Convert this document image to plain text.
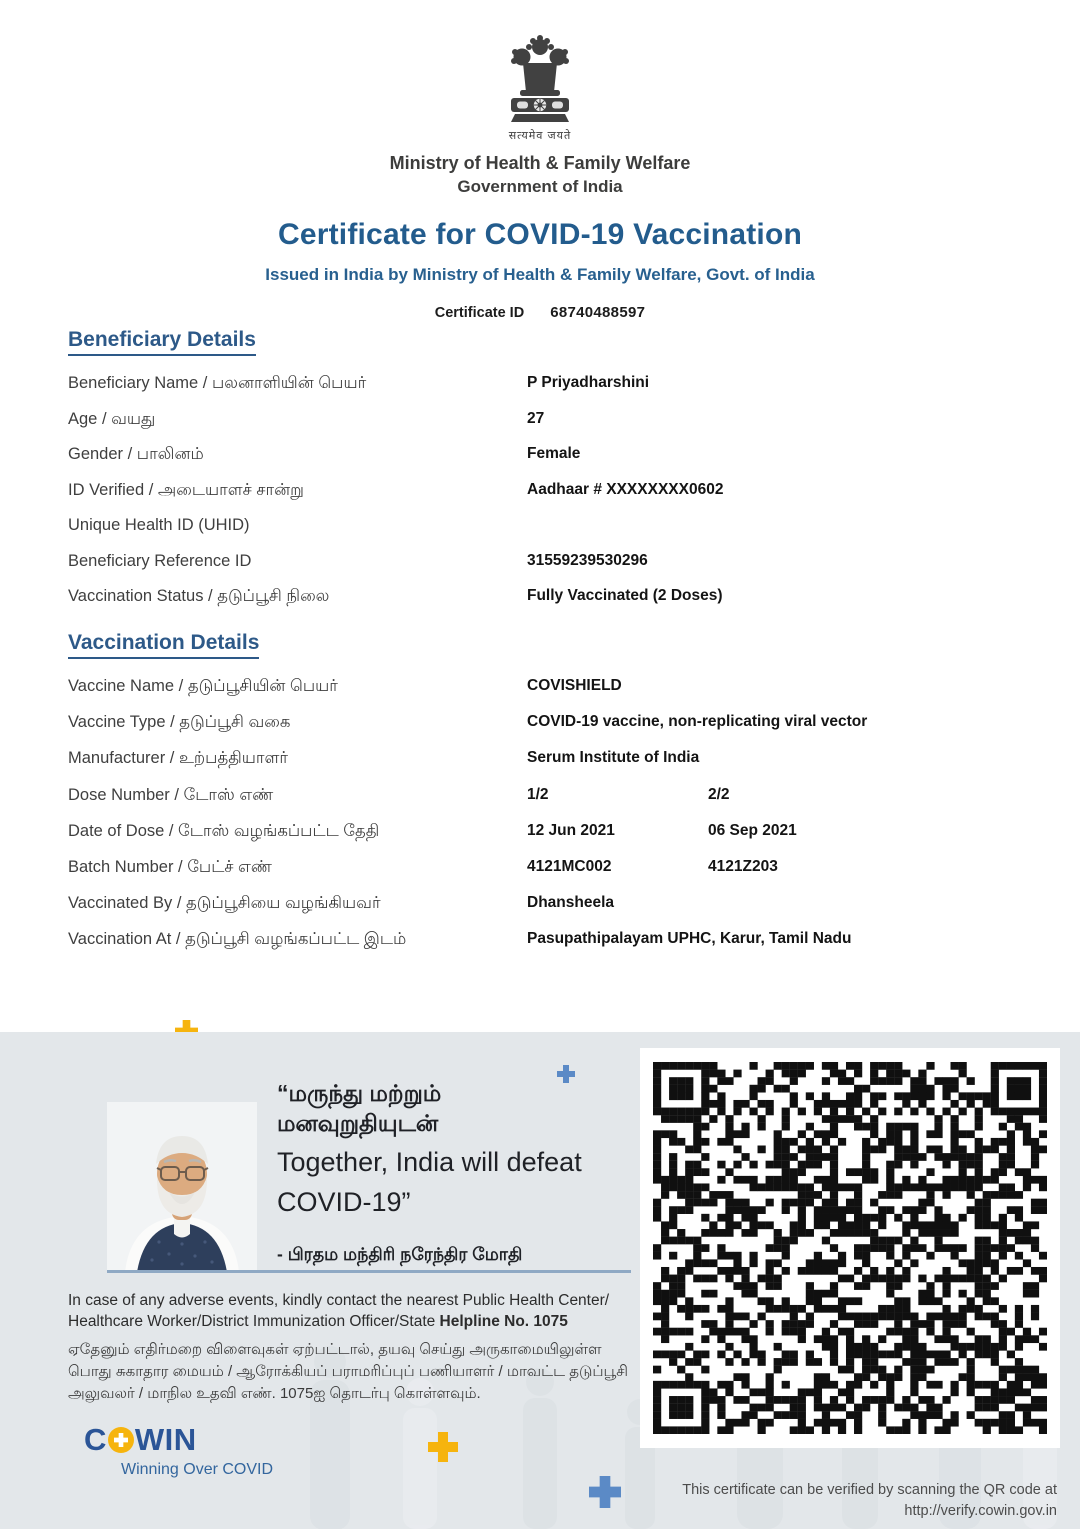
सत्यमेव जयते
Ministry of Health & Family Welfare
Government of India
Certificate for COVID-19 Vaccination
Issued in India by Ministry of Health & Family Welfare, Govt. of India
Certificate ID 68740488597
Beneficiary Details
Beneficiary Name / பலனாளியின் பெயர்	P Priyadharshini
Age / வயது	27
Gender / பாலினம்	Female
ID Verified / அடையாளச் சான்று	Aadhaar # XXXXXXXX0602
Unique Health ID (UHID)
Beneficiary Reference ID	31559239530296
Vaccination Status / தடுப்பூசி நிலை	Fully Vaccinated (2 Doses)
Vaccination Details
Vaccine Name / தடுப்பூசியின் பெயர்	COVISHIELD
Vaccine Type / தடுப்பூசி வகை	COVID-19 vaccine, non-replicating viral vector
Manufacturer / உற்பத்தியாளர்	Serum Institute of India
Dose Number / டோஸ் எண்	1/2	2/2
Date of Dose / டோஸ் வழங்கப்பட்ட தேதி	12 Jun 2021	06 Sep 2021
Batch Number / பேட்ச் எண்	4121MC002	4121Z203
Vaccinated By / தடுப்பூசியை வழங்கியவர்	Dhansheela
Vaccination At / தடுப்பூசி வழங்கப்பட்ட இடம்	Pasupathipalayam UPHC, Karur, Tamil Nadu
“மருந்து மற்றும்
மனவுறுதியுடன்
Together, India will defeat
COVID-19”
- பிரதம மந்திரி நரேந்திர மோதி
In case of any adverse events, kindly contact the nearest Public Health Center/
Healthcare Worker/District Immunization Officer/State Helpline No. 1075
ஏதேனும் எதிர்மறை விளைவுகள் ஏற்பட்டால், தயவு செய்து அருகாமையிலுள்ள பொது சுகாதார மையம் / ஆரோக்கியப் பராமரிப்புப் பணியாளர் / மாவட்ட தடுப்பூசி அலுவலர் / மாநில உதவி எண். 1075ஐ தொடர்பு கொள்ளவும்.
C WIN
Winning Over COVID
This certificate can be verified by scanning the QR code at
http://verify.cowin.gov.in
